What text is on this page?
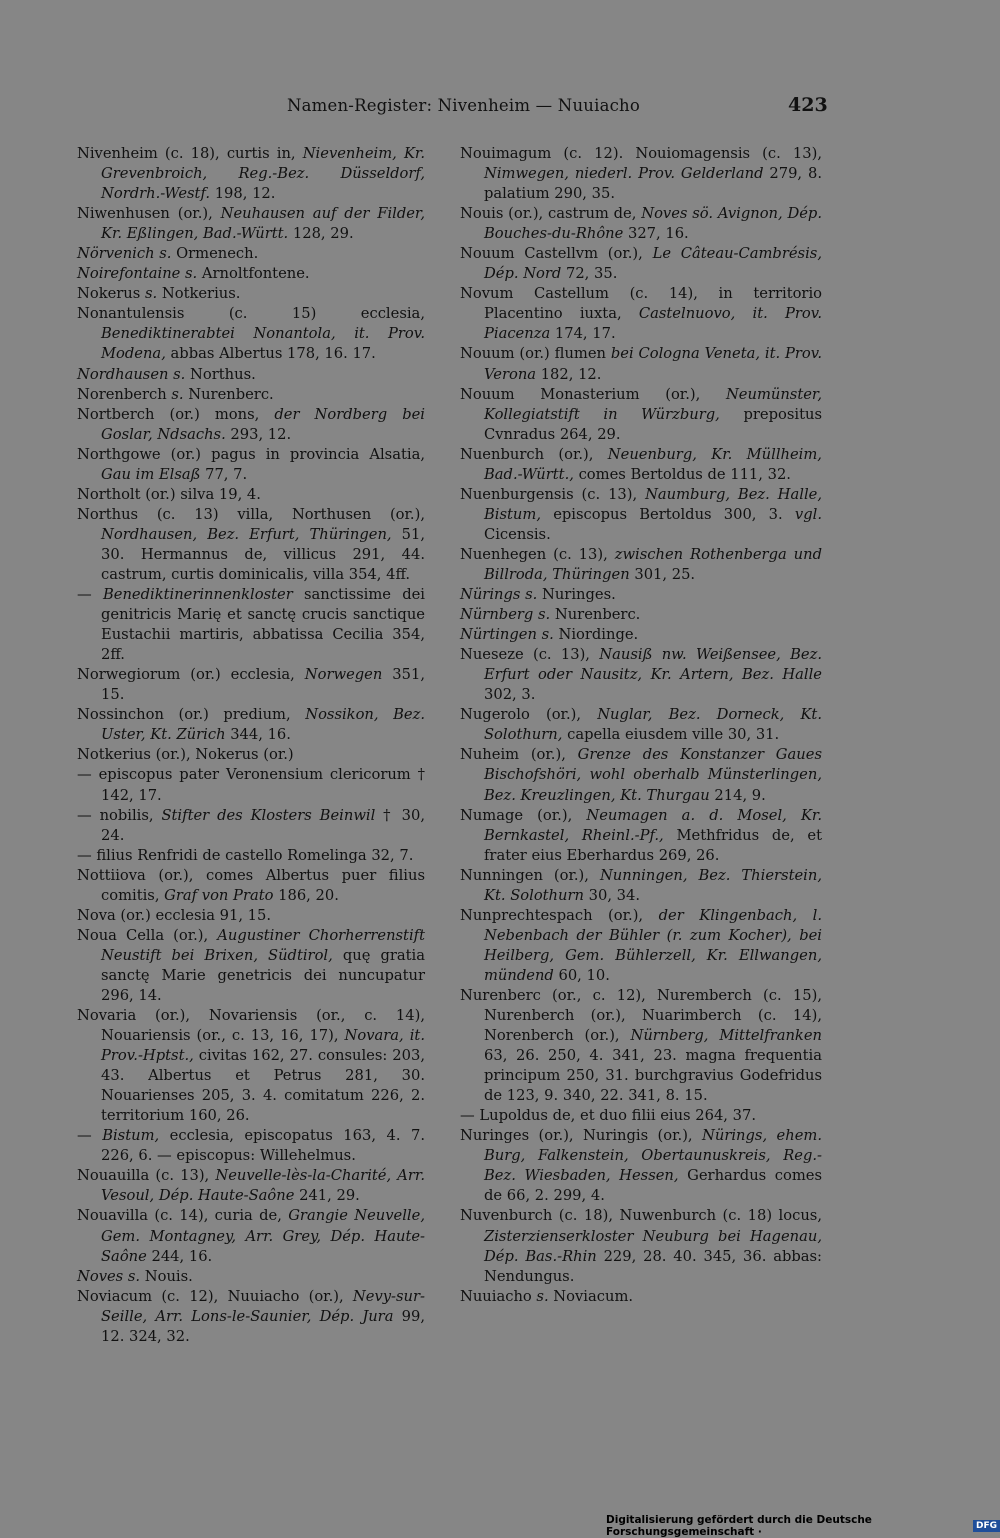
Namen-Register: Nivenheim — Nuuiacho	423
Nivenheim (c. 18), curtis in, Nievenheim, Kr. Grevenbroich, Reg.-Bez. Düsseldorf, Nordrh.-Westf. 198, 12.
Niwenhusen (or.), Neuhausen auf der Filder, Kr. Eßlingen, Bad.-Württ. 128, 29.
Nörvenich s. Ormenech.
Noirefontaine s. Arnoltfontene.
Nokerus s. Notkerius.
Nonantulensis (c. 15) ecclesia, Benediktinerabtei Nonantola, it. Prov. Modena, abbas Albertus 178, 16. 17.
Nordhausen s. Northus.
Norenberch s. Nurenberc.
Nortberch (or.) mons, der Nordberg bei Goslar, Ndsachs. 293, 12.
Northgowe (or.) pagus in provincia Alsatia, Gau im Elsaß 77, 7.
Northolt (or.) silva 19, 4.
Northus (c. 13) villa, Northusen (or.), Nordhausen, Bez. Erfurt, Thüringen, 51, 30. Hermannus de, villicus 291, 44. castrum, curtis dominicalis, villa 354, 4ff.
— Benediktinerinnenkloster sanctissime dei genitricis Marię et sanctę crucis sanctique Eustachii martiris, abbatissa Cecilia 354, 2ff.
Norwegiorum (or.) ecclesia, Norwegen 351, 15.
Nossinchon (or.) predium, Nossikon, Bez. Uster, Kt. Zürich 344, 16.
Notkerius (or.), Nokerus (or.)
— episcopus pater Veronensium clericorum † 142, 17.
— nobilis, Stifter des Klosters Beinwil † 30, 24.
— filius Renfridi de castello Romelinga 32, 7.
Nottiiova (or.), comes Albertus puer filius comitis, Graf von Prato 186, 20.
Nova (or.) ecclesia 91, 15.
Noua Cella (or.), Augustiner Chorherrenstift Neustift bei Brixen, Südtirol, quę gratia sanctę Marie genetricis dei nuncupatur 296, 14.
Novaria (or.), Novariensis (or., c. 14), Nouariensis (or., c. 13, 16, 17), Novara, it. Prov.-Hptst., civitas 162, 27. consules: 203, 43. Albertus et Petrus 281, 30. Nouarienses 205, 3. 4. comitatum 226, 2. territorium 160, 26.
— Bistum, ecclesia, episcopatus 163, 4. 7. 226, 6. — episcopus: Willehelmus.
Nouauilla (c. 13), Neuvelle-lès-la-Charité, Arr. Vesoul, Dép. Haute-Saône 241, 29.
Nouavilla (c. 14), curia de, Grangie Neuvelle, Gem. Montagney, Arr. Grey, Dép. Haute-Saône 244, 16.
Noves s. Nouis.
Noviacum (c. 12), Nuuiacho (or.), Nevy-sur-Seille, Arr. Lons-le-Saunier, Dép. Jura 99, 12. 324, 32.
Nouimagum (c. 12). Nouiomagensis (c. 13), Nimwegen, niederl. Prov. Gelderland 279, 8. palatium 290, 35.
Nouis (or.), castrum de, Noves sö. Avignon, Dép. Bouches-du-Rhône 327, 16.
Nouum Castellvm (or.), Le Câteau-Cambrésis, Dép. Nord 72, 35.
Novum Castellum (c. 14), in territorio Placentino iuxta, Castelnuovo, it. Prov. Piacenza 174, 17.
Nouum (or.) flumen bei Cologna Veneta, it. Prov. Verona 182, 12.
Nouum Monasterium (or.), Neumünster, Kollegiatstift in Würzburg, prepositus Cvnradus 264, 29.
Nuenburch (or.), Neuenburg, Kr. Müllheim, Bad.-Württ., comes Bertoldus de 111, 32.
Nuenburgensis (c. 13), Naumburg, Bez. Halle, Bistum, episcopus Bertoldus 300, 3. vgl. Cicensis.
Nuenhegen (c. 13), zwischen Rothenberga und Billroda, Thüringen 301, 25.
Nürings s. Nuringes.
Nürnberg s. Nurenberc.
Nürtingen s. Niordinge.
Nueseze (c. 13), Nausiß nw. Weißensee, Bez. Erfurt oder Nausitz, Kr. Artern, Bez. Halle 302, 3.
Nugerolo (or.), Nuglar, Bez. Dorneck, Kt. Solothurn, capella eiusdem ville 30, 31.
Nuheim (or.), Grenze des Konstanzer Gaues Bischofshöri, wohl oberhalb Münsterlingen, Bez. Kreuzlingen, Kt. Thurgau 214, 9.
Numage (or.), Neumagen a. d. Mosel, Kr. Bernkastel, Rheinl.-Pf., Methfridus de, et frater eius Eberhardus 269, 26.
Nunningen (or.), Nunningen, Bez. Thierstein, Kt. Solothurn 30, 34.
Nunprechtespach (or.), der Klingenbach, l. Nebenbach der Bühler (r. zum Kocher), bei Heilberg, Gem. Bühlerzell, Kr. Ellwangen, mündend 60, 10.
Nurenberc (or., c. 12), Nuremberch (c. 15), Nurenberch (or.), Nuarimberch (c. 14), Norenberch (or.), Nürnberg, Mittelfranken 63, 26. 250, 4. 341, 23. magna frequentia principum 250, 31. burchgravius Godefridus de 123, 9. 340, 22. 341, 8. 15.
— Lupoldus de, et duo filii eius 264, 37.
Nuringes (or.), Nuringis (or.), Nürings, ehem. Burg, Falkenstein, Obertaunuskreis, Reg.-Bez. Wiesbaden, Hessen, Gerhardus comes de 66, 2. 299, 4.
Nuvenburch (c. 18), Nuwenburch (c. 18) locus, Zisterzienserkloster Neuburg bei Hagenau, Dép. Bas.-Rhin 229, 28. 40. 345, 36. abbas: Nendungus.
Nuuiacho s. Noviacum.
Digitalisierung gefördert durch die Deutsche Forschungsgemeinschaft ·	DFG
